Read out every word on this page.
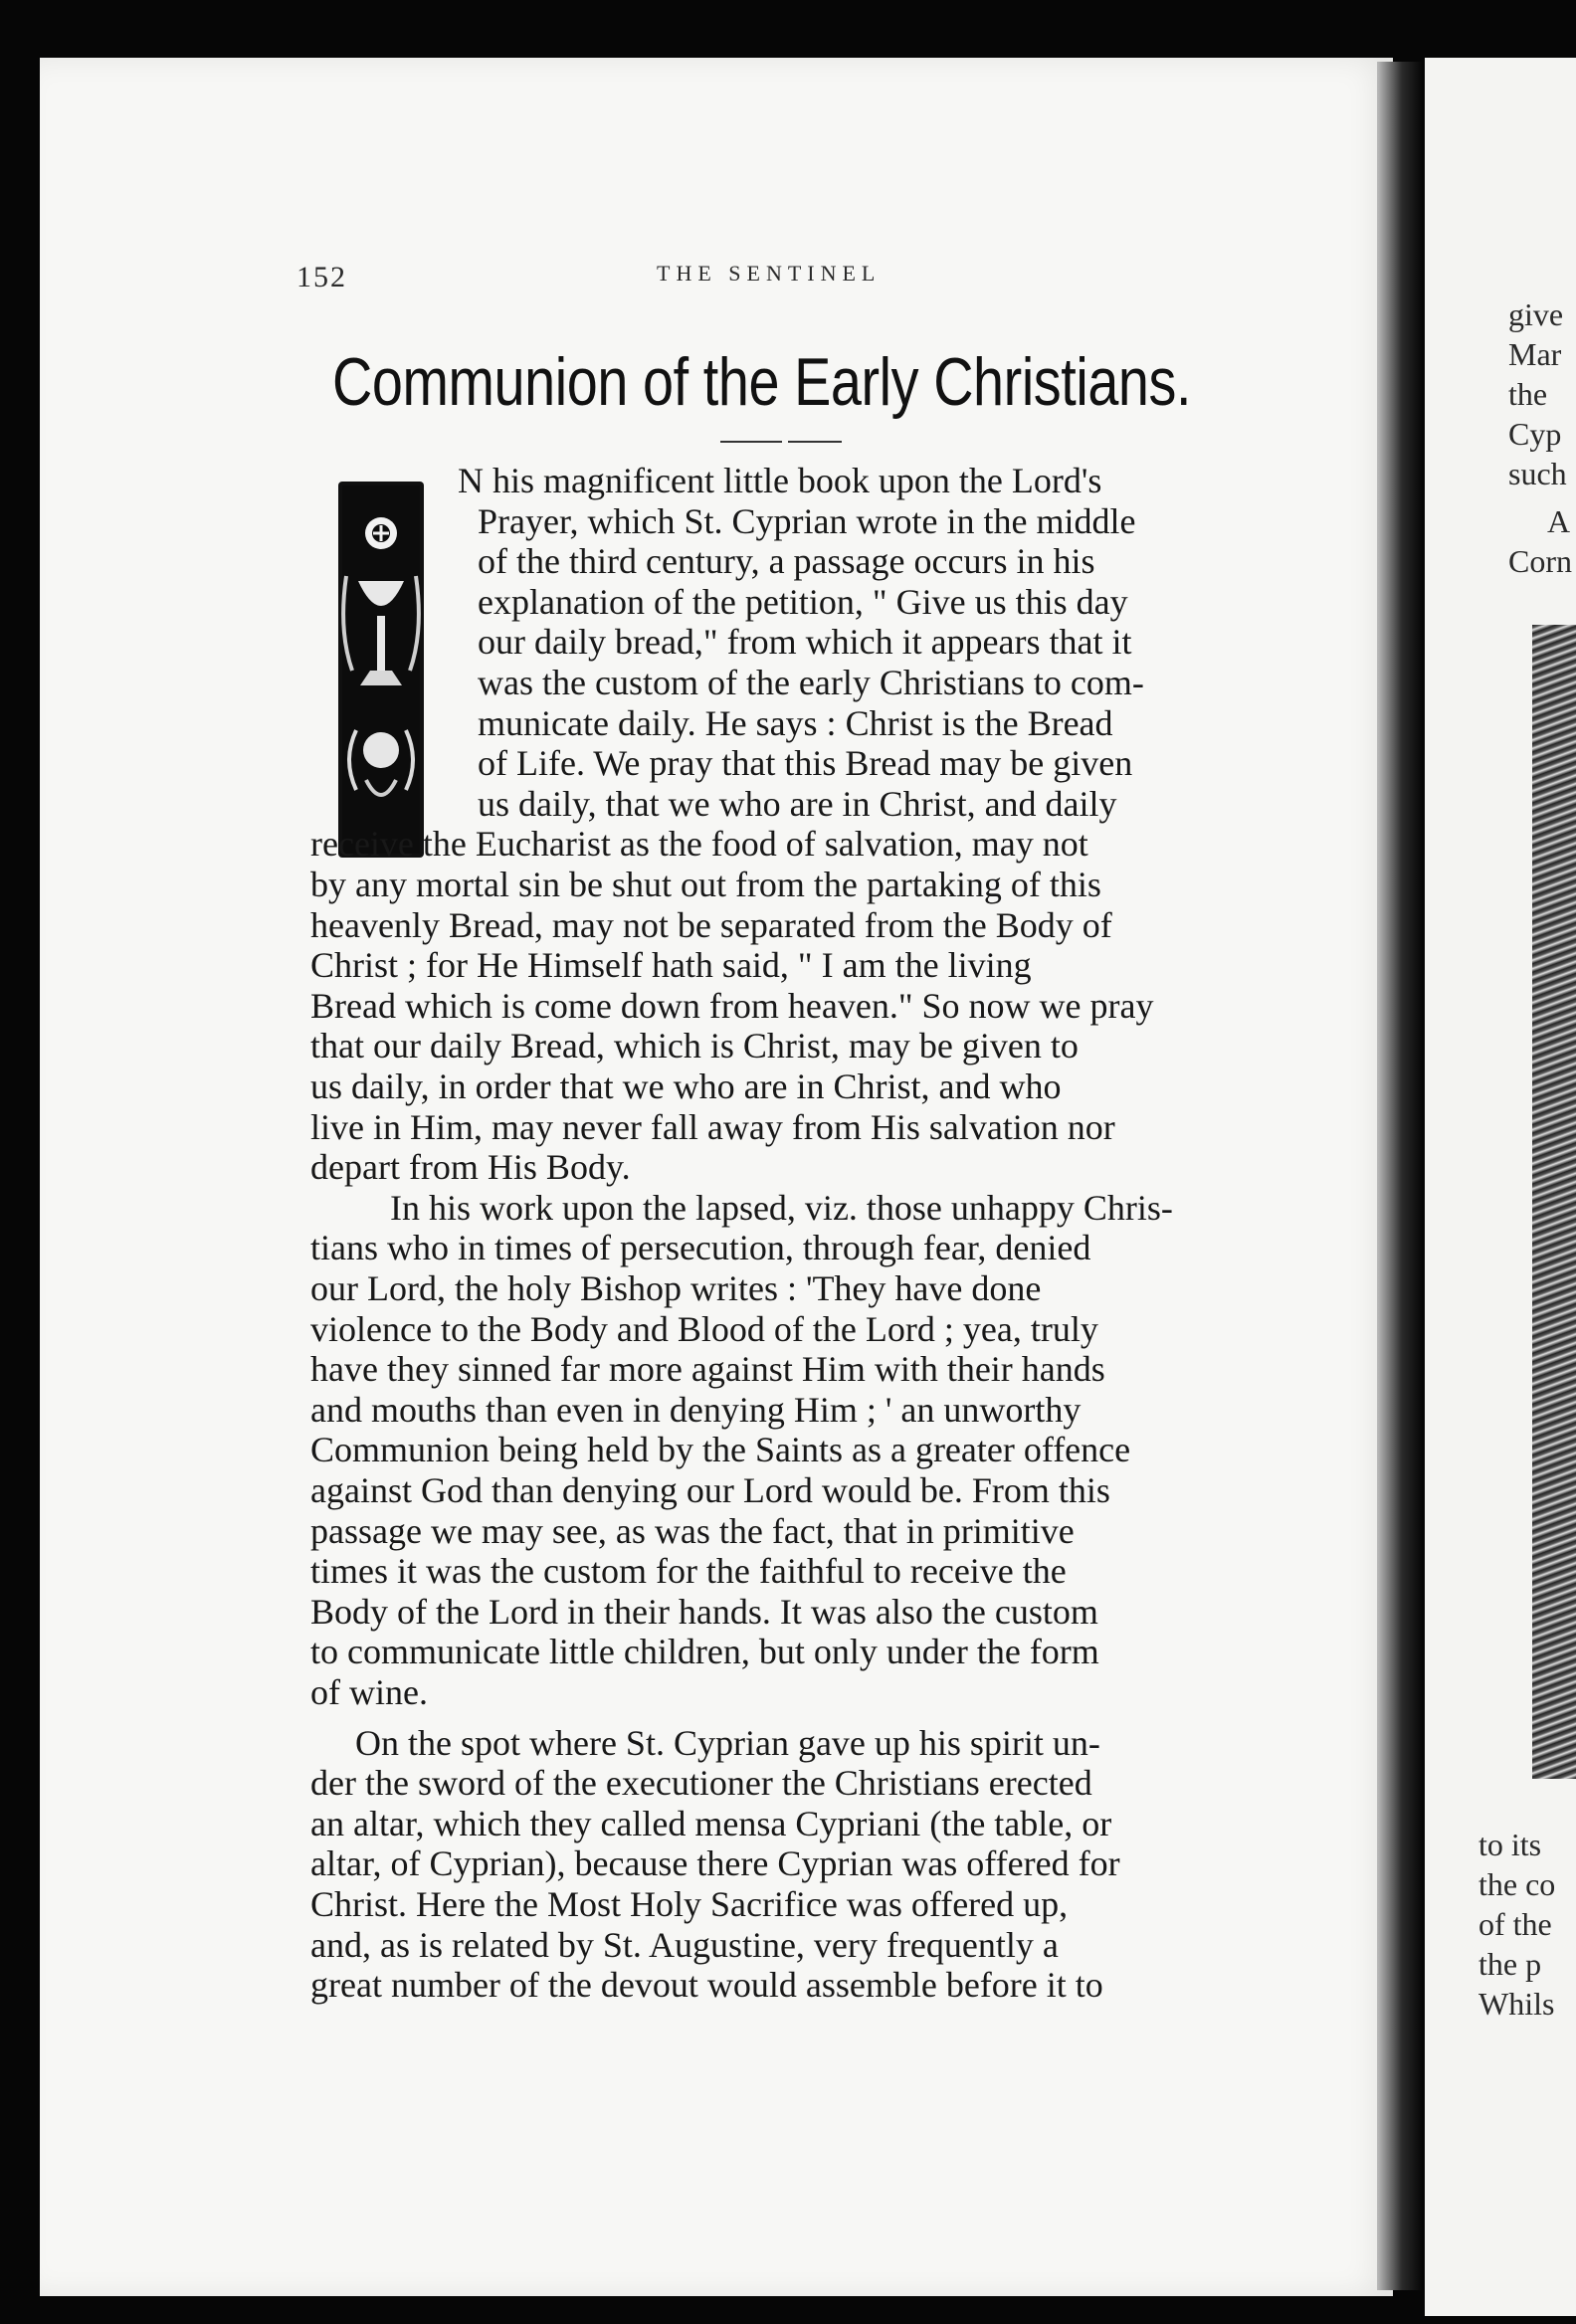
152	THE SENTINEL
Communion of the Early Christians.
N his magnificent little book upon the Lord's
Prayer, which St. Cyprian wrote in the middle
of the third century, a passage occurs in his
explanation of the petition, " Give us this day
our daily bread," from which it appears that it
was the custom of the early Christians to com-
municate daily. He says : Christ is the Bread
of Life. We pray that this Bread may be given
us daily, that we who are in Christ, and daily
receive the Eucharist as the food of salvation, may not
by any mortal sin be shut out from the partaking of this
heavenly Bread, may not be separated from the Body of
Christ ; for He Himself hath said, " I am the living
Bread which is come down from heaven." So now we pray
that our daily Bread, which is Christ, may be given to
us daily, in order that we who are in Christ, and who
live in Him, may never fall away from His salvation nor
depart from His Body.
In his work upon the lapsed, viz. those unhappy Chris-
tians who in times of persecution, through fear, denied
our Lord, the holy Bishop writes : 'They have done
violence to the Body and Blood of the Lord ; yea, truly
have they sinned far more against Him with their hands
and mouths than even in denying Him ; ' an unworthy
Communion being held by the Saints as a greater offence
against God than denying our Lord would be. From this
passage we may see, as was the fact, that in primitive
times it was the custom for the faithful to receive the
Body of the Lord in their hands. It was also the custom
to communicate little children, but only under the form
of wine.
On the spot where St. Cyprian gave up his spirit un-
der the sword of the executioner the Christians erected
an altar, which they called mensa Cypriani (the table, or
altar, of Cyprian), because there Cyprian was offered for
Christ. Here the Most Holy Sacrifice was offered up,
and, as is related by St. Augustine, very frequently a
great number of the devout would assemble before it to
give
Mar
the
Cyp
such
A
Corn
to its
the co
of the
the p
Whils
